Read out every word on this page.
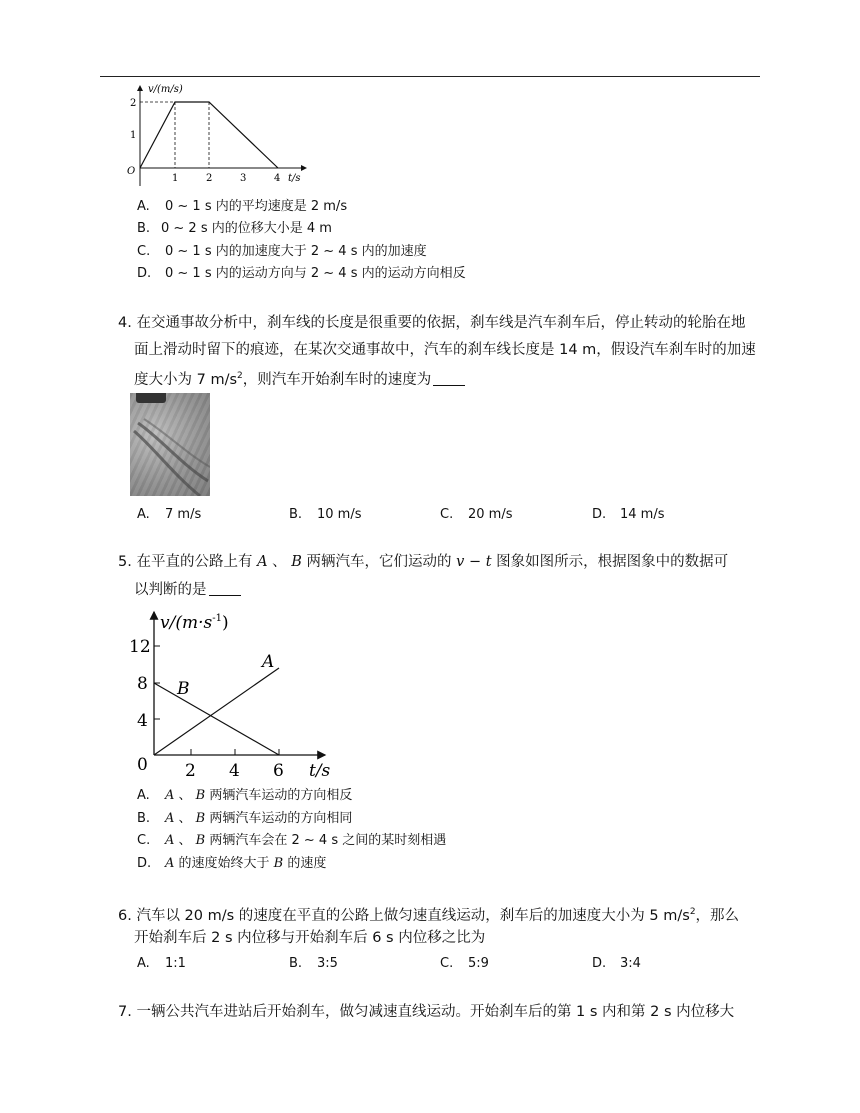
v/(m/s)
t/s
O
2
1
1	2	3	4
A. 0 ~ 1 s 内的平均速度是 2 m/s
B. 0 ~ 2 s 内的位移大小是 4 m
C. 0 ~ 1 s 内的加速度大于 2 ~ 4 s 内的加速度
D. 0 ~ 1 s 内的运动方向与 2 ~ 4 s 内的运动方向相反
4. 在交通事故分析中，刹车线的长度是很重要的依据，刹车线是汽车刹车后，停止转动的轮胎在地
面上滑动时留下的痕迹，在某次交通事故中，汽车的刹车线长度是 14 m，假设汽车刹车时的加速
度大小为 7 $m/s^2$，则汽车开始刹车时的速度为
A. 7 m/s	B. 10 m/s	C. 20 m/s	D. 14 m/s
5. 在平直的公路上有 A 、 B 两辆汽车，它们运动的 v − t 图象如图所示，根据图象中的数据可
以判断的是
$v/(m\cdot s^{-1})$
t/s
12
8
4
0 2 4 6
A
B
A. A 、 B 两辆汽车运动的方向相反
B. A 、 B 两辆汽车运动的方向相同
C. A 、 B 两辆汽车会在 2 ~ 4 s 之间的某时刻相遇
D. A 的速度始终大于 B 的速度
6. 汽车以 20 m/s 的速度在平直的公路上做匀速直线运动，刹车后的加速度大小为 5 $m/s^2$，那么
开始刹车后 2 s 内位移与开始刹车后 6 s 内位移之比为
A. 1:1	B. 3:5	C. 5:9	D. 3:4
7. 一辆公共汽车进站后开始刹车，做匀减速直线运动。开始刹车后的第 1 s 内和第 2 s 内位移大
